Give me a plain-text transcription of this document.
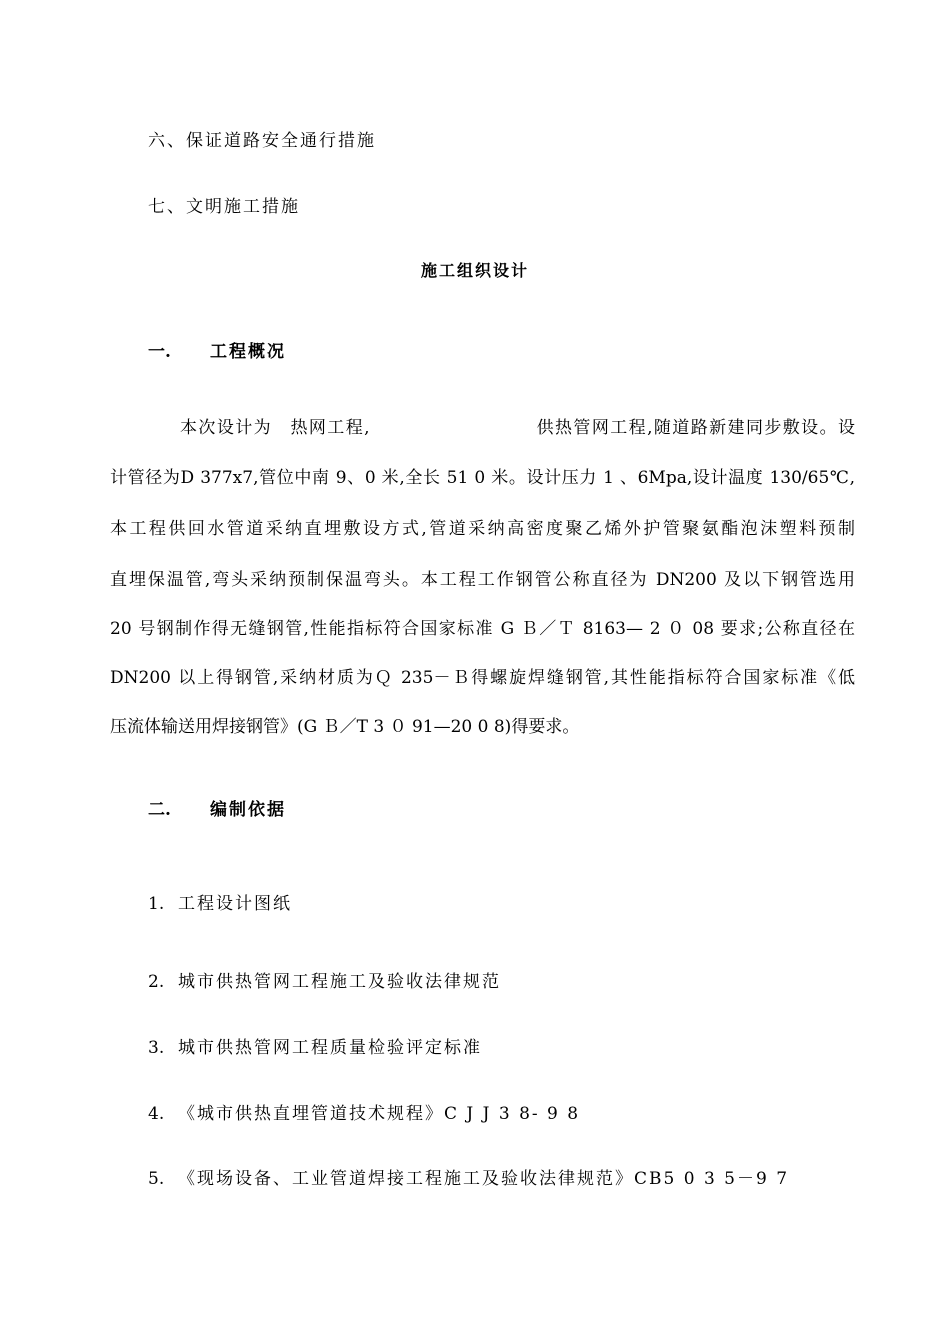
六、保证道路安全通行措施
七、文明施工措施
施工组织设计
一. 工程概况
本次设计为　热网工程,　　　　　　　　　供热管网工程,随道路新建同步敷设。设
计管径为D 377x7,管位中南 9、0 米,全长 51 0 米。设计压力 1 、6Mpa,设计温度 130/65℃,
本工程供回水管道采纳直埋敷设方式,管道采纳高密度聚乙烯外护管聚氨酯泡沫塑料预制
直埋保温管,弯头采纳预制保温弯头。本工程工作钢管公称直径为 DN200 及以下钢管选用
20 号钢制作得无缝钢管,性能指标符合国家标准 G Ｂ／Ｔ 8163— 2 ０ 08 要求;公称直径在
DN200 以上得钢管,采纳材质为Ｑ 235－Ｂ得螺旋焊缝钢管,其性能指标符合国家标准《低
压流体输送用焊接钢管》(G Ｂ／T 3 ０ 91—20 0 8)得要求。
二. 编制依据
1. 工程设计图纸
2. 城市供热管网工程施工及验收法律规范
3. 城市供热管网工程质量检验评定标准
4. 《城市供热直埋管道技术规程》C J J 3 8- 9 8
5. 《现场设备、工业管道焊接工程施工及验收法律规范》CB5 0 3 5－9 7
